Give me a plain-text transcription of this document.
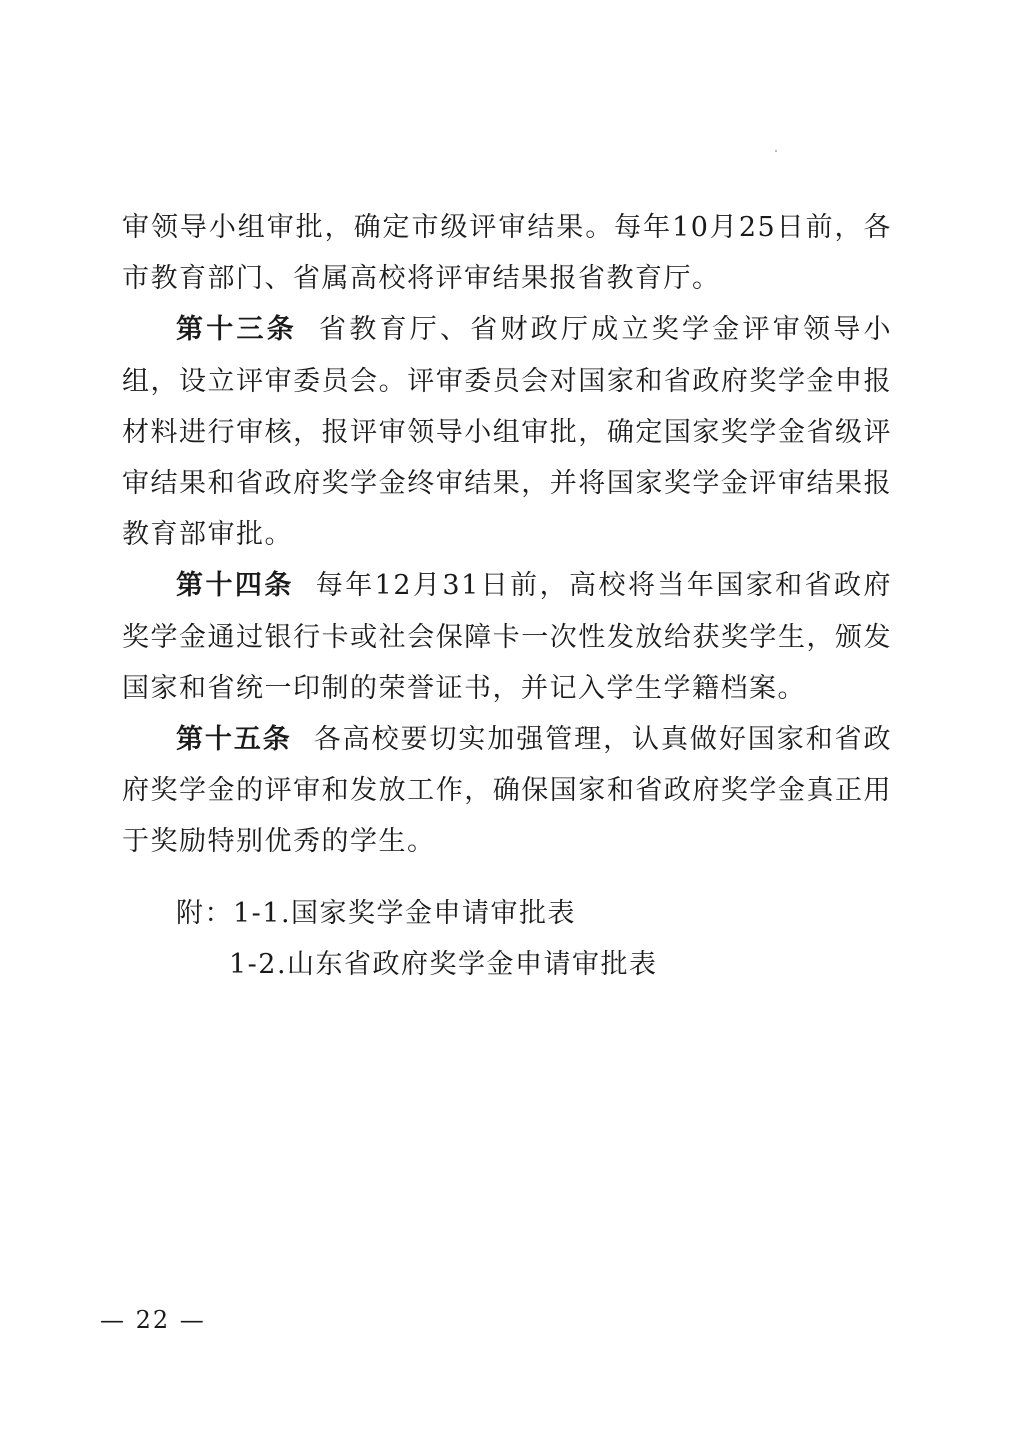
审领导小组审批，确定市级评审结果。每年10月25日前，各市教育部门、省属高校将评审结果报省教育厅。

第十三条 省教育厅、省财政厅成立奖学金评审领导小组，设立评审委员会。评审委员会对国家和省政府奖学金申报材料进行审核，报评审领导小组审批，确定国家奖学金省级评审结果和省政府奖学金终审结果，并将国家奖学金评审结果报教育部审批。

第十四条 每年12月31日前，高校将当年国家和省政府奖学金通过银行卡或社会保障卡一次性发放给获奖学生，颁发国家和省统一印制的荣誉证书，并记入学生学籍档案。

第十五条 各高校要切实加强管理，认真做好国家和省政府奖学金的评审和发放工作，确保国家和省政府奖学金真正用于奖励特别优秀的学生。

附：1-1.国家奖学金申请审批表
1-2.山东省政府奖学金申请审批表
— 22 —
